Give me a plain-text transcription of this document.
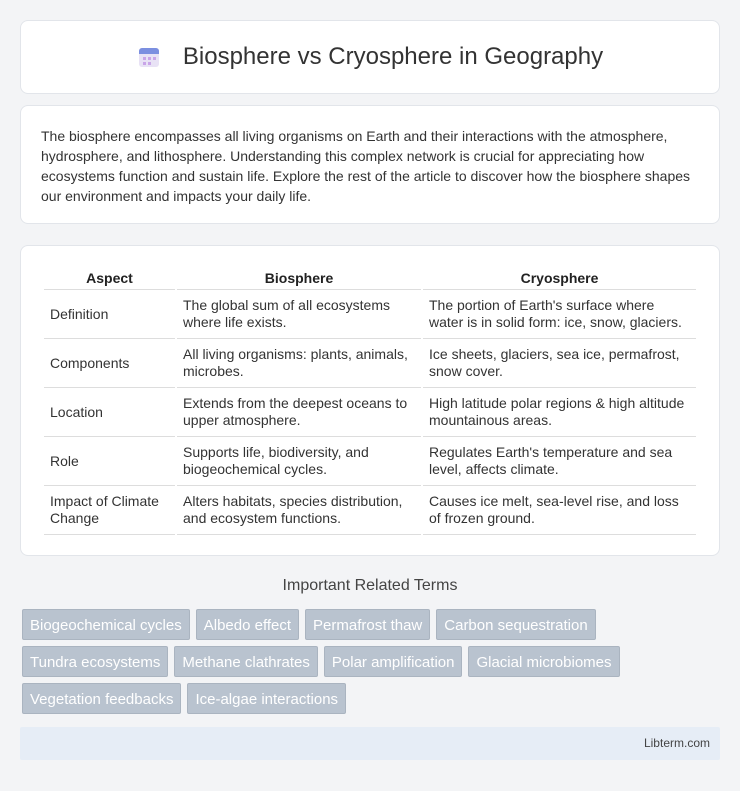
Biosphere vs Cryosphere in Geography

The biosphere encompasses all living organisms on Earth and their interactions with the atmosphere, hydrosphere, and lithosphere. Understanding this complex network is crucial for appreciating how ecosystems function and sustain life. Explore the rest of the article to discover how the biosphere shapes our environment and impacts your daily life.

Aspect	Biosphere	Cryosphere
Definition	The global sum of all ecosystems where life exists.	The portion of Earth's surface where water is in solid form: ice, snow, glaciers.
Components	All living organisms: plants, animals, microbes.	Ice sheets, glaciers, sea ice, permafrost, snow cover.
Location	Extends from the deepest oceans to upper atmosphere.	High latitude polar regions & high altitude mountainous areas.
Role	Supports life, biodiversity, and biogeochemical cycles.	Regulates Earth's temperature and sea level, affects climate.
Impact of Climate Change	Alters habitats, species distribution, and ecosystem functions.	Causes ice melt, sea-level rise, and loss of frozen ground.
Important Related Terms
Biogeochemical cycles	Albedo effect	Permafrost thaw	Carbon sequestration
Tundra ecosystems	Methane clathrates	Polar amplification	Glacial microbiomes
Vegetation feedbacks	Ice-algae interactions
Libterm.com
